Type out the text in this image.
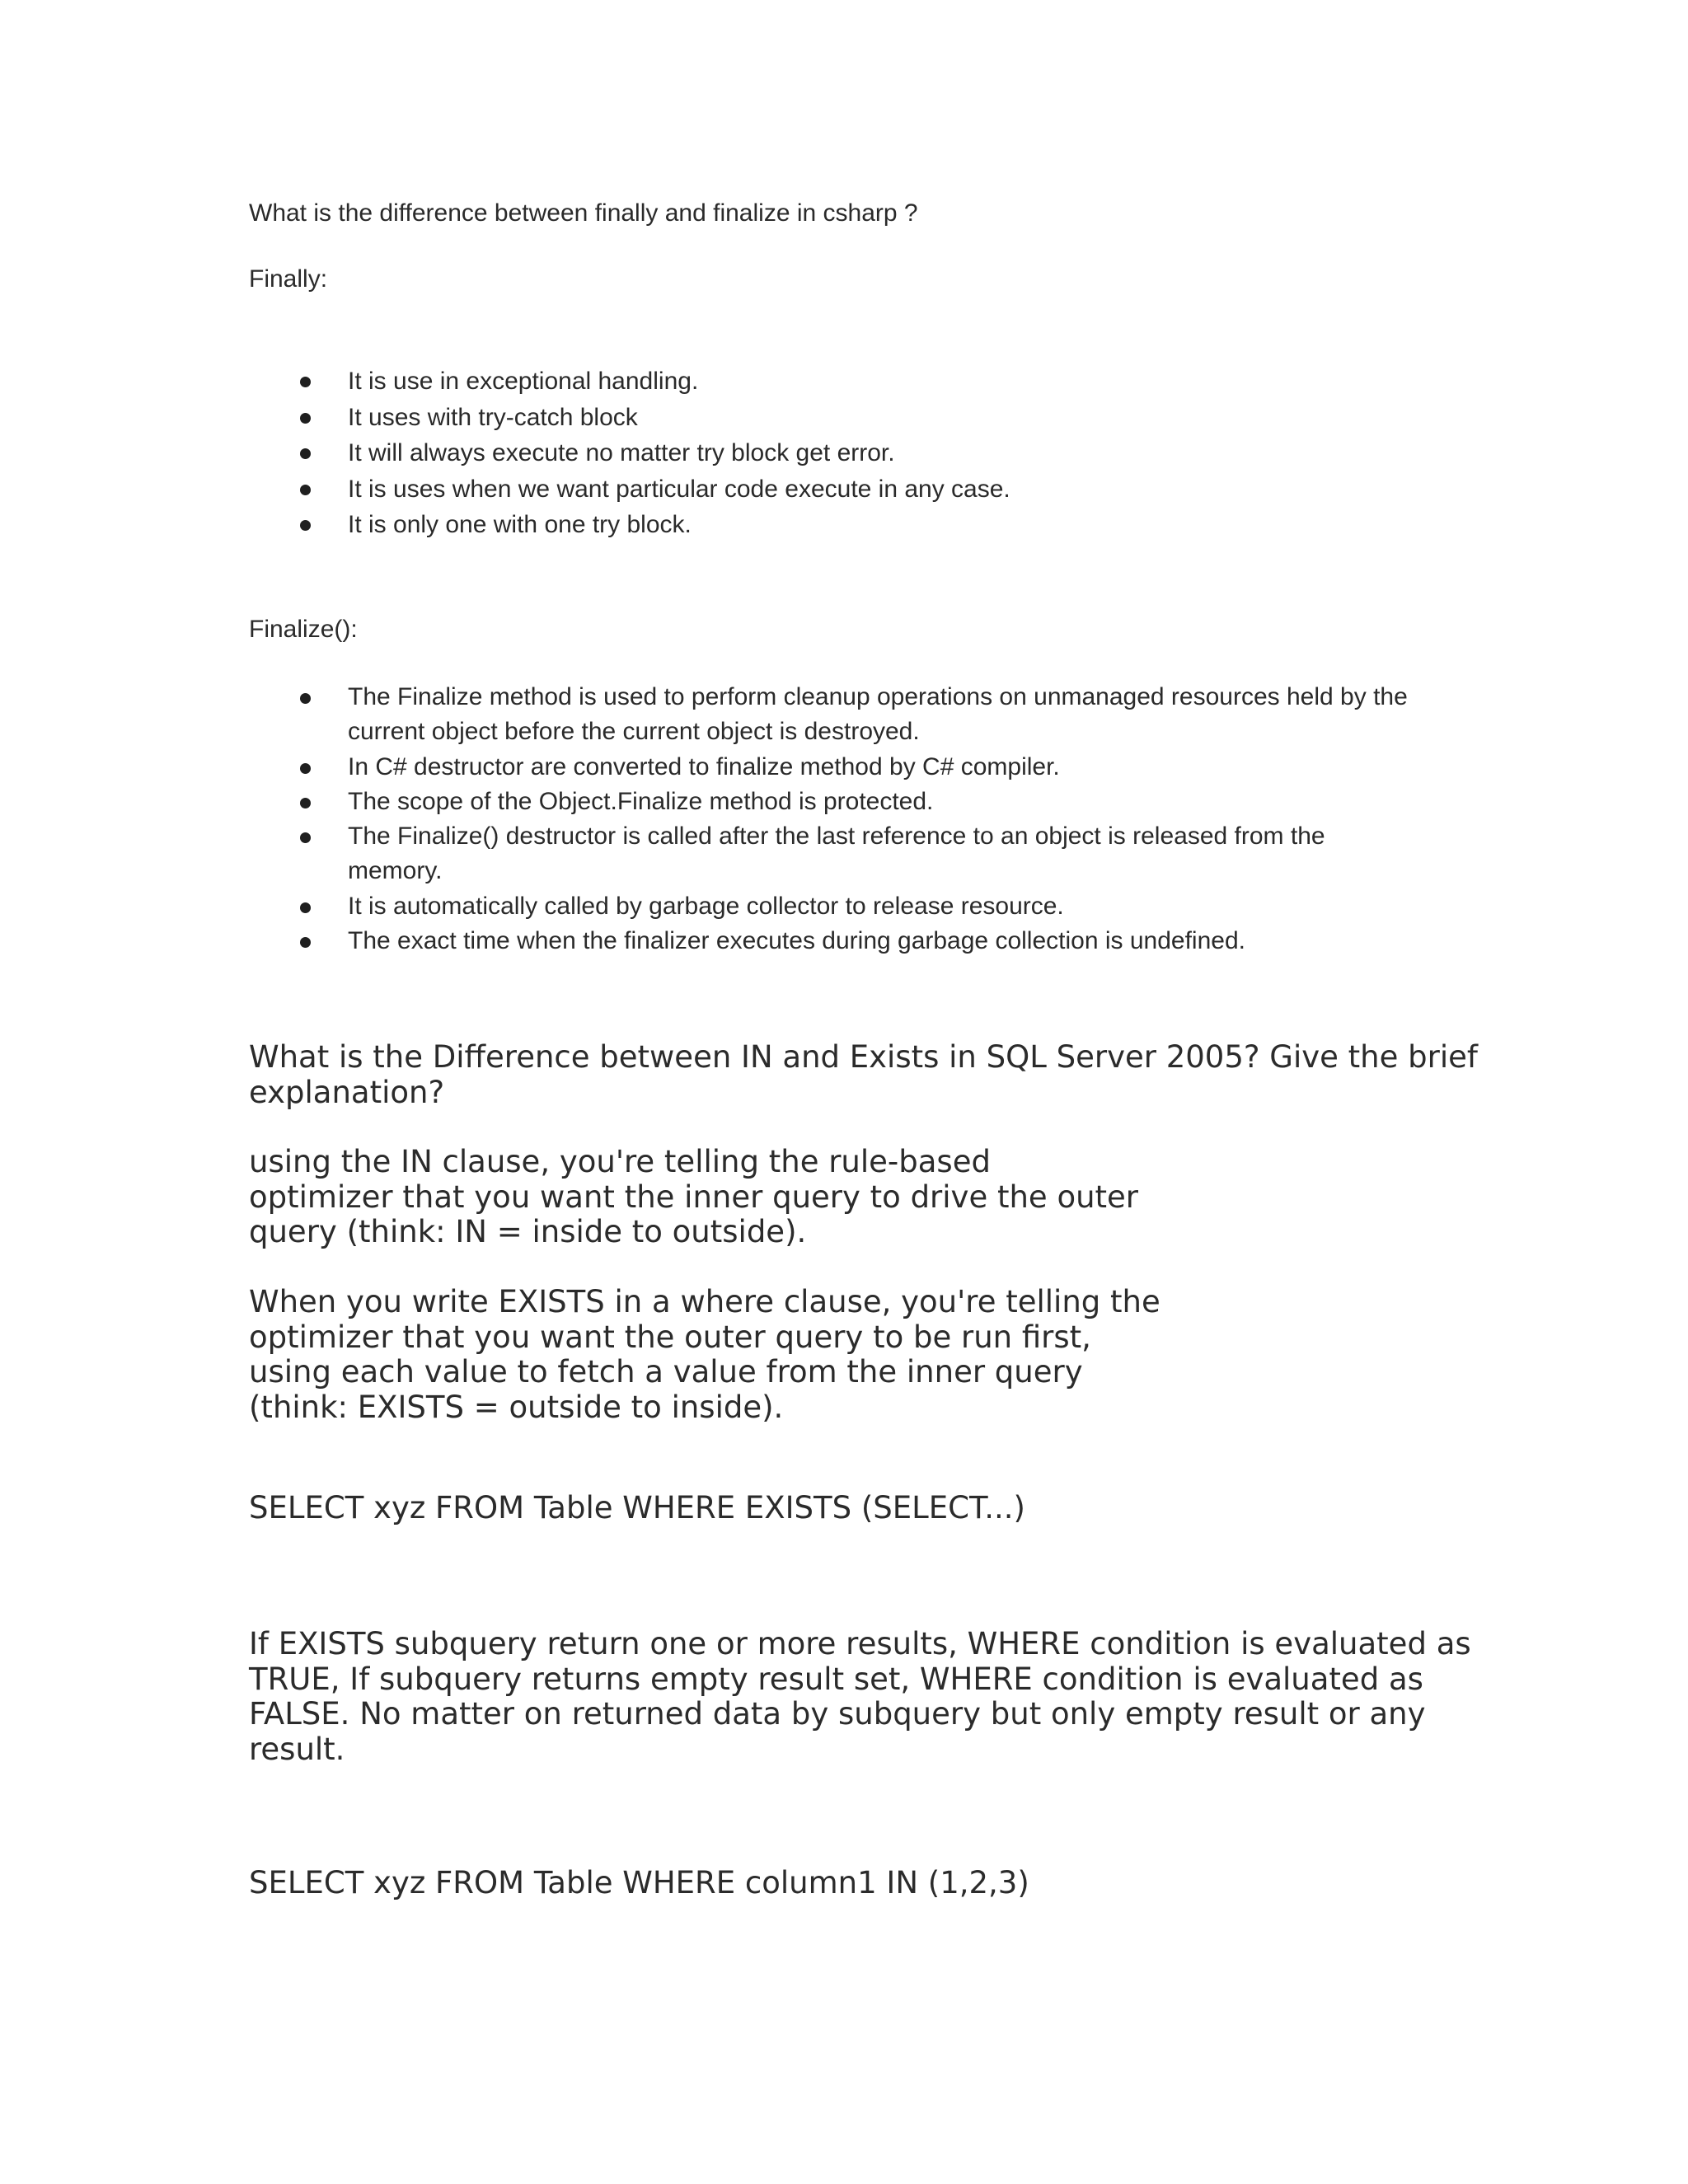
What is the difference between finally and finalize in csharp ?

Finally:

It is use in exceptional handling.
It uses with try-catch block
It will always execute no matter try block get error.
It is uses when we want particular code execute in any case.
It is only one with one try block.

Finalize():

The Finalize method is used to perform cleanup operations on unmanaged resources held by the
current object before the current object is destroyed.
In C# destructor are converted to finalize method by C# compiler.
The scope of the Object.Finalize method is protected.
The Finalize() destructor is called after the last reference to an object is released from the
memory.
It is automatically called by garbage collector to release resource.
The exact time when the finalizer executes during garbage collection is undefined.
What is the Difference between IN and Exists in SQL Server 2005? Give the brief
explanation?
using the IN clause, you're telling the rule-based
optimizer that you want the inner query to drive the outer
query (think: IN = inside to outside).
When you write EXISTS in a where clause, you're telling the
optimizer that you want the outer query to be run first,
using each value to fetch a value from the inner query
(think: EXISTS = outside to inside).

SELECT xyz FROM Table WHERE EXISTS (SELECT...)

If EXISTS subquery return one or more results, WHERE condition is evaluated as
TRUE, If subquery returns empty result set, WHERE condition is evaluated as
FALSE. No matter on returned data by subquery but only empty result or any
result.

SELECT xyz FROM Table WHERE column1 IN (1,2,3)
